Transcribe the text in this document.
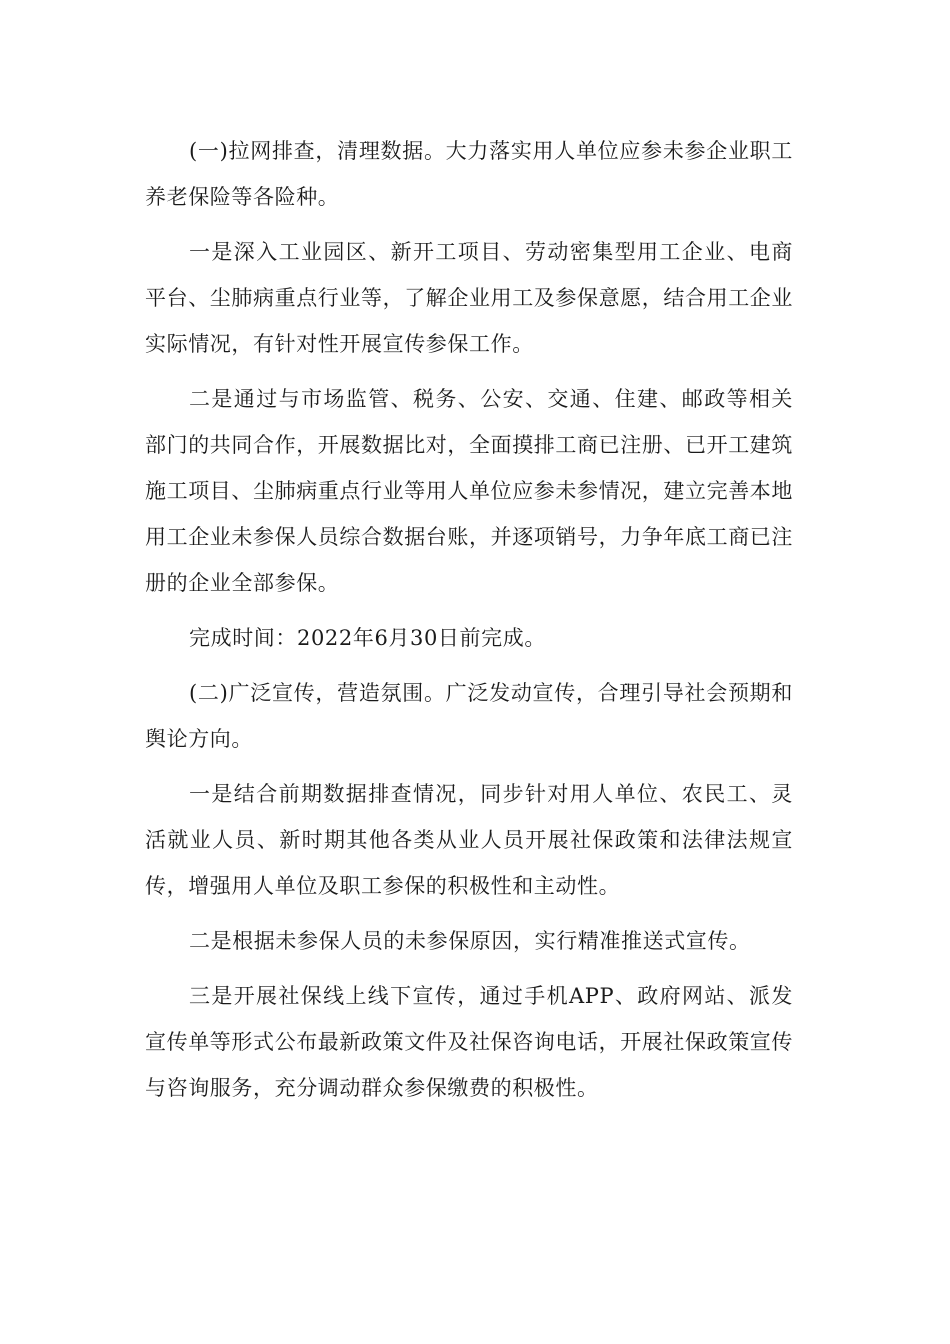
(一)拉网排查，清理数据。大力落实用人单位应参未参企业职工养老保险等各险种。

一是深入工业园区、新开工项目、劳动密集型用工企业、电商平台、尘肺病重点行业等，了解企业用工及参保意愿，结合用工企业实际情况，有针对性开展宣传参保工作。

二是通过与市场监管、税务、公安、交通、住建、邮政等相关部门的共同合作，开展数据比对，全面摸排工商已注册、已开工建筑施工项目、尘肺病重点行业等用人单位应参未参情况，建立完善本地用工企业未参保人员综合数据台账，并逐项销号，力争年底工商已注册的企业全部参保。

完成时间：2022年6月30日前完成。

(二)广泛宣传，营造氛围。广泛发动宣传，合理引导社会预期和舆论方向。

一是结合前期数据排查情况，同步针对用人单位、农民工、灵活就业人员、新时期其他各类从业人员开展社保政策和法律法规宣传，增强用人单位及职工参保的积极性和主动性。

二是根据未参保人员的未参保原因，实行精准推送式宣传。

三是开展社保线上线下宣传，通过手机APP、政府网站、派发宣传单等形式公布最新政策文件及社保咨询电话，开展社保政策宣传与咨询服务，充分调动群众参保缴费的积极性。
